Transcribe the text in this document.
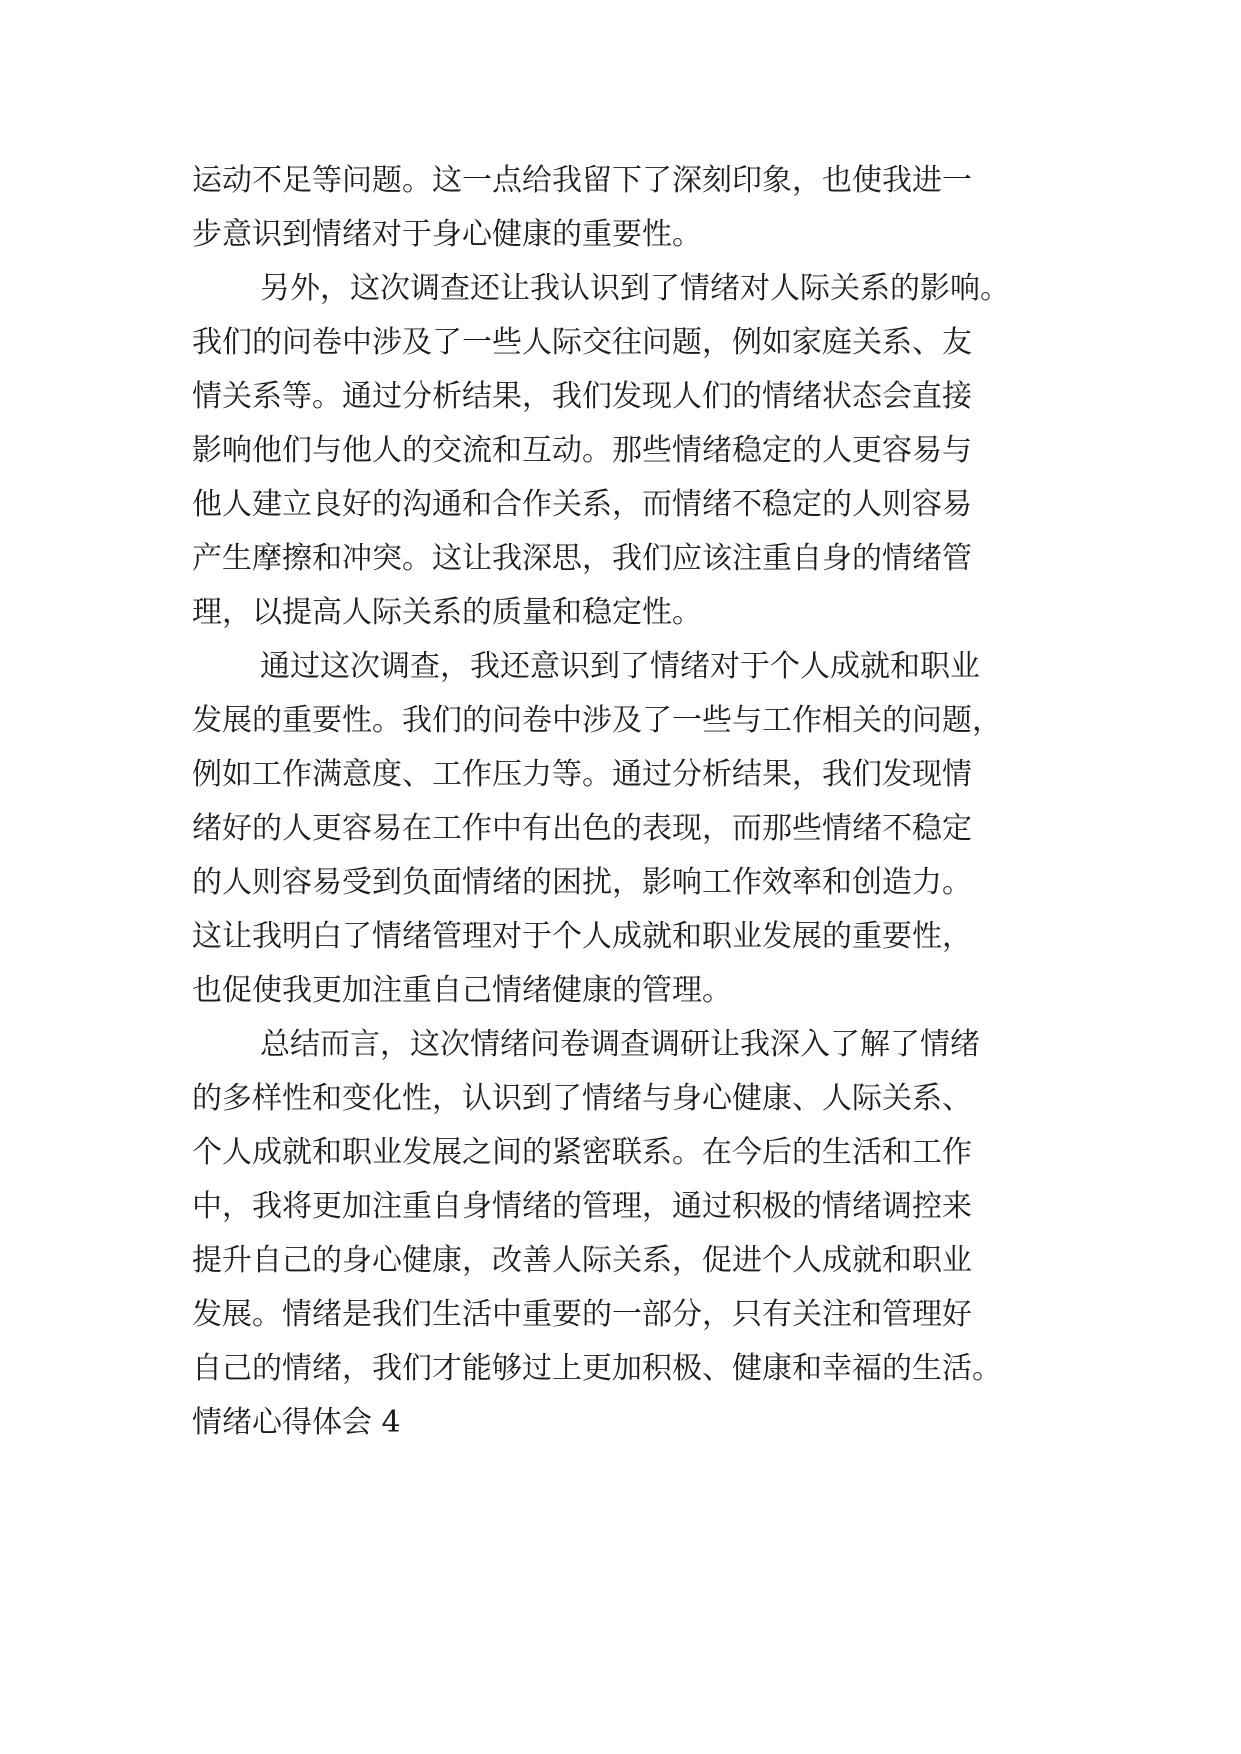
运动不足等问题。这一点给我留下了深刻印象，也使我进一
步意识到情绪对于身心健康的重要性。
另外，这次调查还让我认识到了情绪对人际关系的影响。
我们的问卷中涉及了一些人际交往问题，例如家庭关系、友
情关系等。通过分析结果，我们发现人们的情绪状态会直接
影响他们与他人的交流和互动。那些情绪稳定的人更容易与
他人建立良好的沟通和合作关系，而情绪不稳定的人则容易
产生摩擦和冲突。这让我深思，我们应该注重自身的情绪管
理，以提高人际关系的质量和稳定性。
通过这次调查，我还意识到了情绪对于个人成就和职业
发展的重要性。我们的问卷中涉及了一些与工作相关的问题，
例如工作满意度、工作压力等。通过分析结果，我们发现情
绪好的人更容易在工作中有出色的表现，而那些情绪不稳定
的人则容易受到负面情绪的困扰，影响工作效率和创造力。
这让我明白了情绪管理对于个人成就和职业发展的重要性，
也促使我更加注重自己情绪健康的管理。
总结而言，这次情绪问卷调查调研让我深入了解了情绪
的多样性和变化性，认识到了情绪与身心健康、人际关系、
个人成就和职业发展之间的紧密联系。在今后的生活和工作
中，我将更加注重自身情绪的管理，通过积极的情绪调控来
提升自己的身心健康，改善人际关系，促进个人成就和职业
发展。情绪是我们生活中重要的一部分，只有关注和管理好
自己的情绪，我们才能够过上更加积极、健康和幸福的生活。
情绪心得体会 4
